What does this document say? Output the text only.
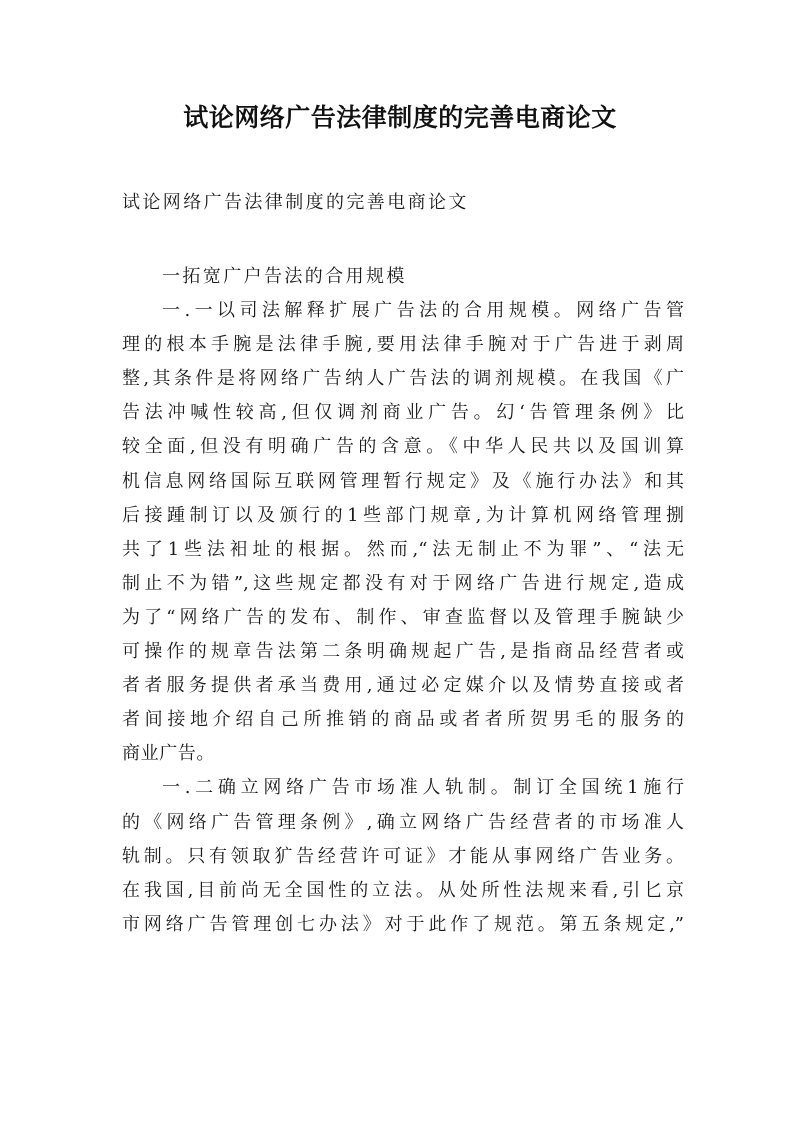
试论网络广告法律制度的完善电商论文
试论网络广告法律制度的完善电商论文
一拓宽广户告法的合用规模
一.一以司法解释扩展广告法的合用规模。网络广告管
理的根本手腕是法律手腕,要用法律手腕对于广告进于剥周
整,其条件是将网络广告纳人广告法的调剂规模。在我国《广
告法冲喊性较高,但仅调剂商业广告。幻‘告管理条例》比
较全面,但没有明确广告的含意。《中华人民共以及国训算
机信息网络国际互联网管理暂行规定》及《施行办法》和其
后接踵制订以及颁行的1些部门规章,为计算机网络管理捌
共了1些法衵址的根据。然而,“法无制止不为罪”、“法无
制止不为错”,这些规定都没有对于网络广告进行规定,造成
为了“网络广告的发布、制作、审查监督以及管理手腕缺少
可操作的规章告法第二条明确规起广告,是指商品经营者或
者者服务提供者承当费用,通过必定媒介以及情势直接或者
者间接地介绍自己所推销的商品或者者所贺男毛的服务的
商业广告。
一.二确立网络广告市场准人轨制。制订全国统1施行
的《网络广告管理条例》,确立网络广告经营者的市场准人
轨制。只有领取犷告经营许可证》才能从事网络广告业务。
在我国,目前尚无全国性的立法。从处所性法规来看,引匕京
市网络广告管理创七办法》对于此作了规范。第五条规定,”
